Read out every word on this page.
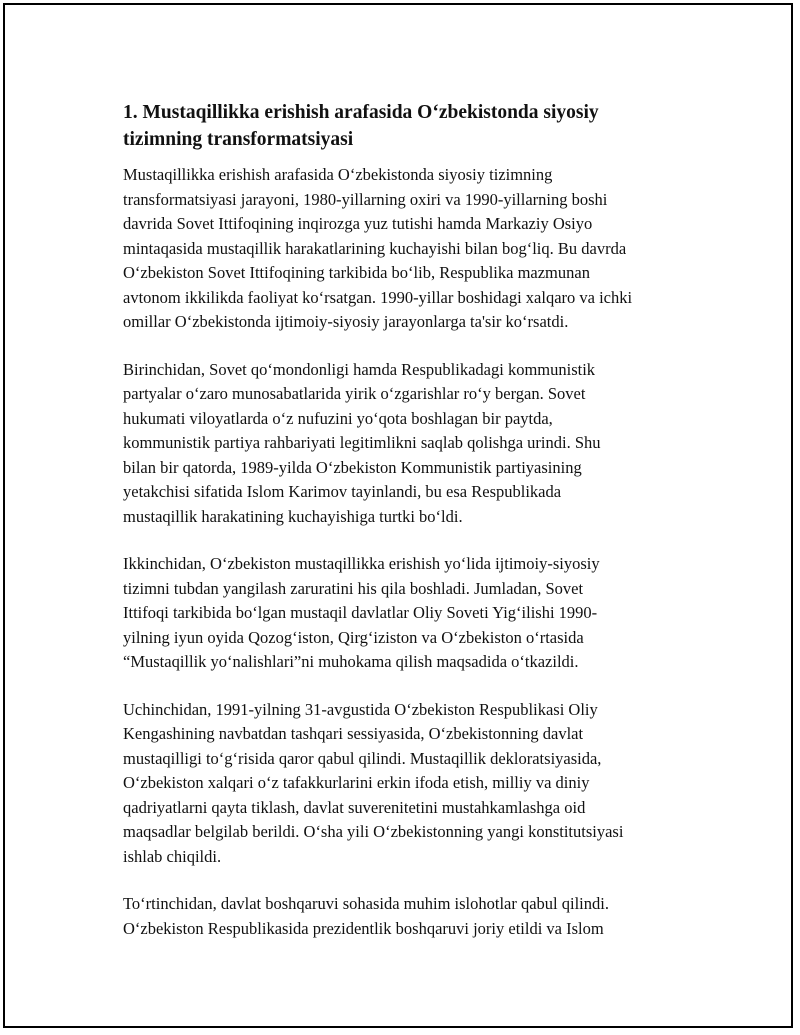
1. Mustaqillikka erishish arafasida O‘zbekistonda siyosiy
tizimning transformatsiyasi

Mustaqillikka erishish arafasida O‘zbekistonda siyosiy tizimning
transformatsiyasi jarayoni, 1980-yillarning oxiri va 1990-yillarning boshi
davrida Sovet Ittifoqining inqirozga yuz tutishi hamda Markaziy Osiyo
mintaqasida mustaqillik harakatlarining kuchayishi bilan bog‘liq. Bu davrda
O‘zbekiston Sovet Ittifoqining tarkibida bo‘lib, Respublika mazmunan
avtonom ikkilikda faoliyat ko‘rsatgan. 1990-yillar boshidagi xalqaro va ichki
omillar O‘zbekistonda ijtimoiy-siyosiy jarayonlarga ta'sir ko‘rsatdi.

Birinchidan, Sovet qo‘mondonligi hamda Respublikadagi kommunistik
partyalar o‘zaro munosabatlarida yirik o‘zgarishlar ro‘y bergan. Sovet
hukumati viloyatlarda o‘z nufuzini yo‘qota boshlagan bir paytda,
kommunistik partiya rahbariyati legitimlikni saqlab qolishga urindi. Shu
bilan bir qatorda, 1989-yilda O‘zbekiston Kommunistik partiyasining
yetakchisi sifatida Islom Karimov tayinlandi, bu esa Respublikada
mustaqillik harakatining kuchayishiga turtki bo‘ldi.

Ikkinchidan, O‘zbekiston mustaqillikka erishish yo‘lida ijtimoiy-siyosiy
tizimni tubdan yangilash zaruratini his qila boshladi. Jumladan, Sovet
Ittifoqi tarkibida bo‘lgan mustaqil davlatlar Oliy Soveti Yig‘ilishi 1990-
yilning iyun oyida Qozog‘iston, Qirg‘iziston va O‘zbekiston o‘rtasida
“Mustaqillik yo‘nalishlari”ni muhokama qilish maqsadida o‘tkazildi.

Uchinchidan, 1991-yilning 31-avgustida O‘zbekiston Respublikasi Oliy
Kengashining navbatdan tashqari sessiyasida, O‘zbekistonning davlat
mustaqilligi to‘g‘risida qaror qabul qilindi. Mustaqillik dekloratsiyasida,
O‘zbekiston xalqari o‘z tafakkurlarini erkin ifoda etish, milliy va diniy
qadriyatlarni qayta tiklash, davlat suverenitetini mustahkamlashga oid
maqsadlar belgilab berildi. O‘sha yili O‘zbekistonning yangi konstitutsiyasi
ishlab chiqildi.

To‘rtinchidan, davlat boshqaruvi sohasida muhim islohotlar qabul qilindi.
O‘zbekiston Respublikasida prezidentlik boshqaruvi joriy etildi va Islom
